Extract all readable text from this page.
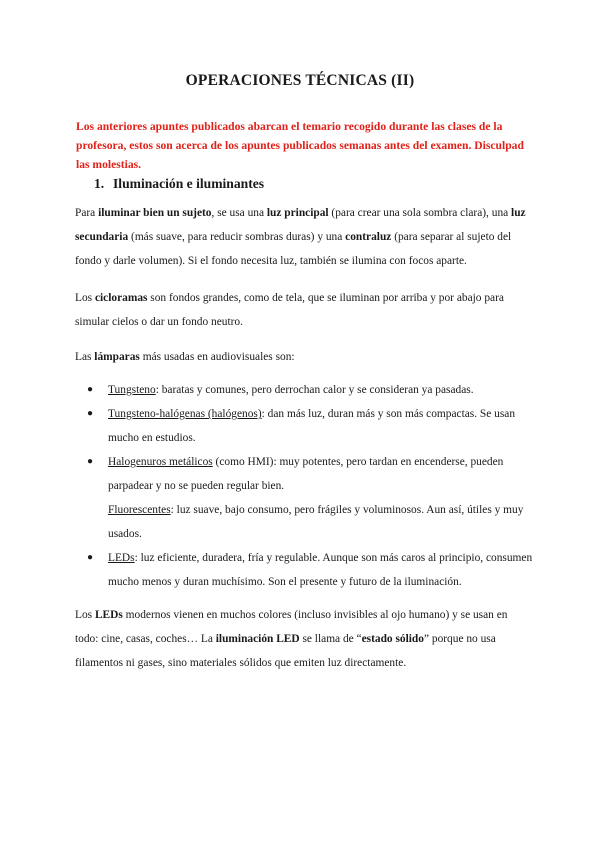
OPERACIONES TÉCNICAS (II)
Los anteriores apuntes publicados abarcan el temario recogido durante las clases de la profesora, estos son acerca de los apuntes publicados semanas antes del examen. Disculpad las molestias.
1. Iluminación e iluminantes
Para iluminar bien un sujeto, se usa una luz principal (para crear una sola sombra clara), una luz secundaria (más suave, para reducir sombras duras) y una contraluz (para separar al sujeto del fondo y darle volumen). Si el fondo necesita luz, también se ilumina con focos aparte.
Los cicloramas son fondos grandes, como de tela, que se iluminan por arriba y por abajo para simular cielos o dar un fondo neutro.
Las lámparas más usadas en audiovisuales son:
● Tungsteno: baratas y comunes, pero derrochan calor y se consideran ya pasadas.
● Tungsteno-halógenas (halógenos): dan más luz, duran más y son más compactas. Se usan mucho en estudios.
● Halogenuros metálicos (como HMI): muy potentes, pero tardan en encenderse, pueden parpadear y no se pueden regular bien.
Fluorescentes: luz suave, bajo consumo, pero frágiles y voluminosos. Aun así, útiles y muy usados.
● LEDs: luz eficiente, duradera, fría y regulable. Aunque son más caros al principio, consumen mucho menos y duran muchísimo. Son el presente y futuro de la iluminación.
Los LEDs modernos vienen en muchos colores (incluso invisibles al ojo humano) y se usan en todo: cine, casas, coches… La iluminación LED se llama de “estado sólido” porque no usa filamentos ni gases, sino materiales sólidos que emiten luz directamente.
